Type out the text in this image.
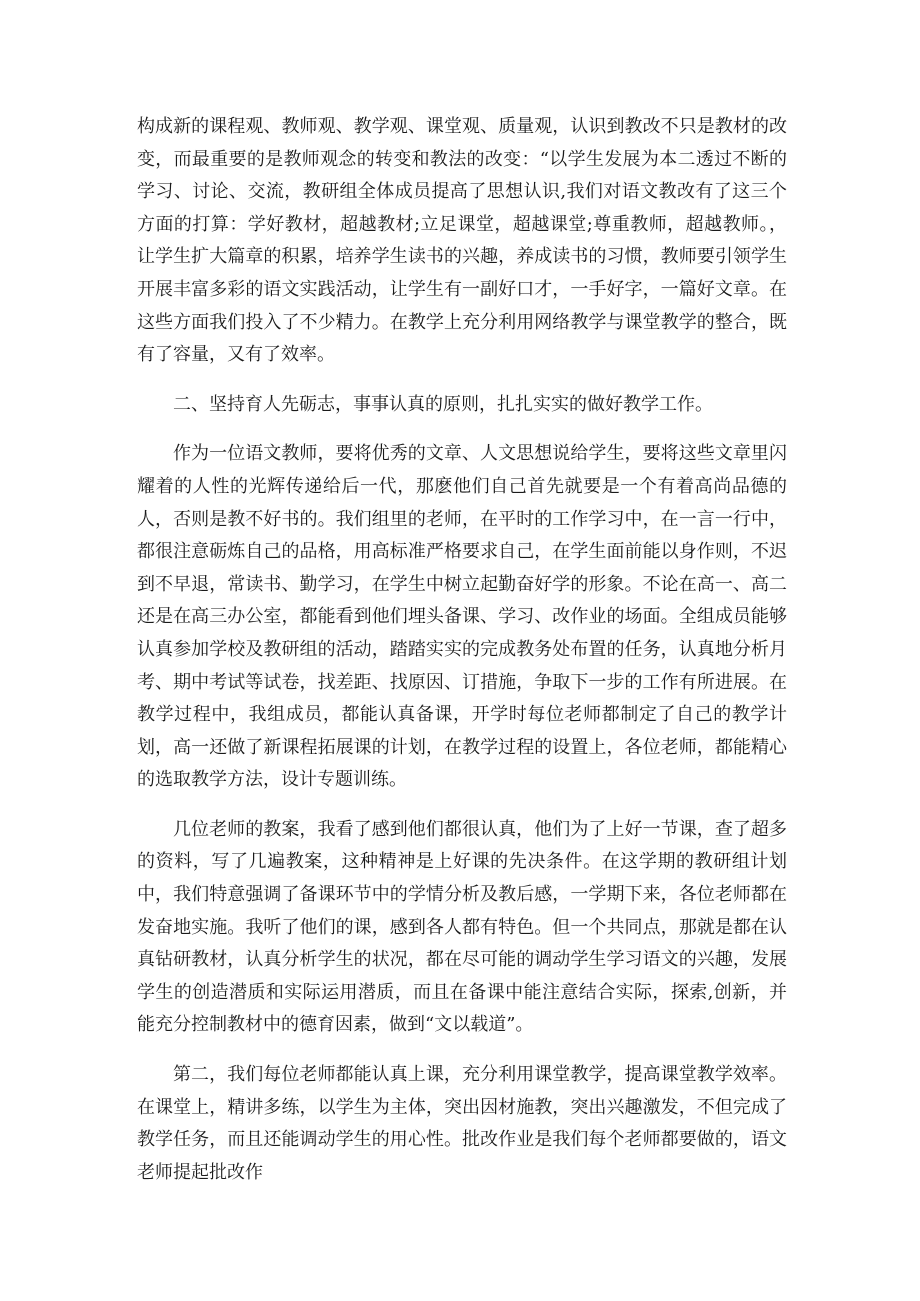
构成新的课程观、教师观、教学观、课堂观、质量观，认识到教改不只是教材的改变，而最重要的是教师观念的转变和教法的改变：“以学生发展为本二透过不断的学习、讨论、交流，教研组全体成员提高了思想认识,我们对语文教改有了这三个方面的打算：学好教材，超越教材;立足课堂，超越课堂;尊重教师，超越教师。，让学生扩大篇章的积累，培养学生读书的兴趣，养成读书的习惯，教师要引领学生开展丰富多彩的语文实践活动，让学生有一副好口才，一手好字，一篇好文章。在这些方面我们投入了不少精力。在教学上充分利用网络教学与课堂教学的整合，既有了容量，又有了效率。

二、坚持育人先砺志，事事认真的原则，扎扎实实的做好教学工作。

作为一位语文教师，要将优秀的文章、人文思想说给学生，要将这些文章里闪耀着的人性的光辉传递给后一代，那麽他们自己首先就要是一个有着高尚品德的人，否则是教不好书的。我们组里的老师，在平时的工作学习中，在一言一行中，都很注意砺炼自己的品格，用高标准严格要求自己，在学生面前能以身作则，不迟到不早退，常读书、勤学习，在学生中树立起勤奋好学的形象。不论在高一、高二还是在高三办公室，都能看到他们埋头备课、学习、改作业的场面。全组成员能够认真参加学校及教研组的活动，踏踏实实的完成教务处布置的任务，认真地分析月考、期中考试等试卷，找差距、找原因、订措施，争取下一步的工作有所进展。在教学过程中，我组成员，都能认真备课，开学时每位老师都制定了自己的教学计划，高一还做了新课程拓展课的计划，在教学过程的设置上，各位老师，都能精心的选取教学方法，设计专题训练。

几位老师的教案，我看了感到他们都很认真，他们为了上好一节课，查了超多的资料，写了几遍教案，这种精神是上好课的先决条件。在这学期的教研组计划中，我们特意强调了备课环节中的学情分析及教后感，一学期下来，各位老师都在发奋地实施。我听了他们的课，感到各人都有特色。但一个共同点，那就是都在认真钻研教材，认真分析学生的状况，都在尽可能的调动学生学习语文的兴趣，发展学生的创造潜质和实际运用潜质，而且在备课中能注意结合实际，探索,创新，并能充分控制教材中的德育因素，做到“文以载道”。

第二，我们每位老师都能认真上课，充分利用课堂教学，提高课堂教学效率。在课堂上，精讲多练，以学生为主体，突出因材施教，突出兴趣激发，不但完成了教学任务，而且还能调动学生的用心性。批改作业是我们每个老师都要做的，语文老师提起批改作
